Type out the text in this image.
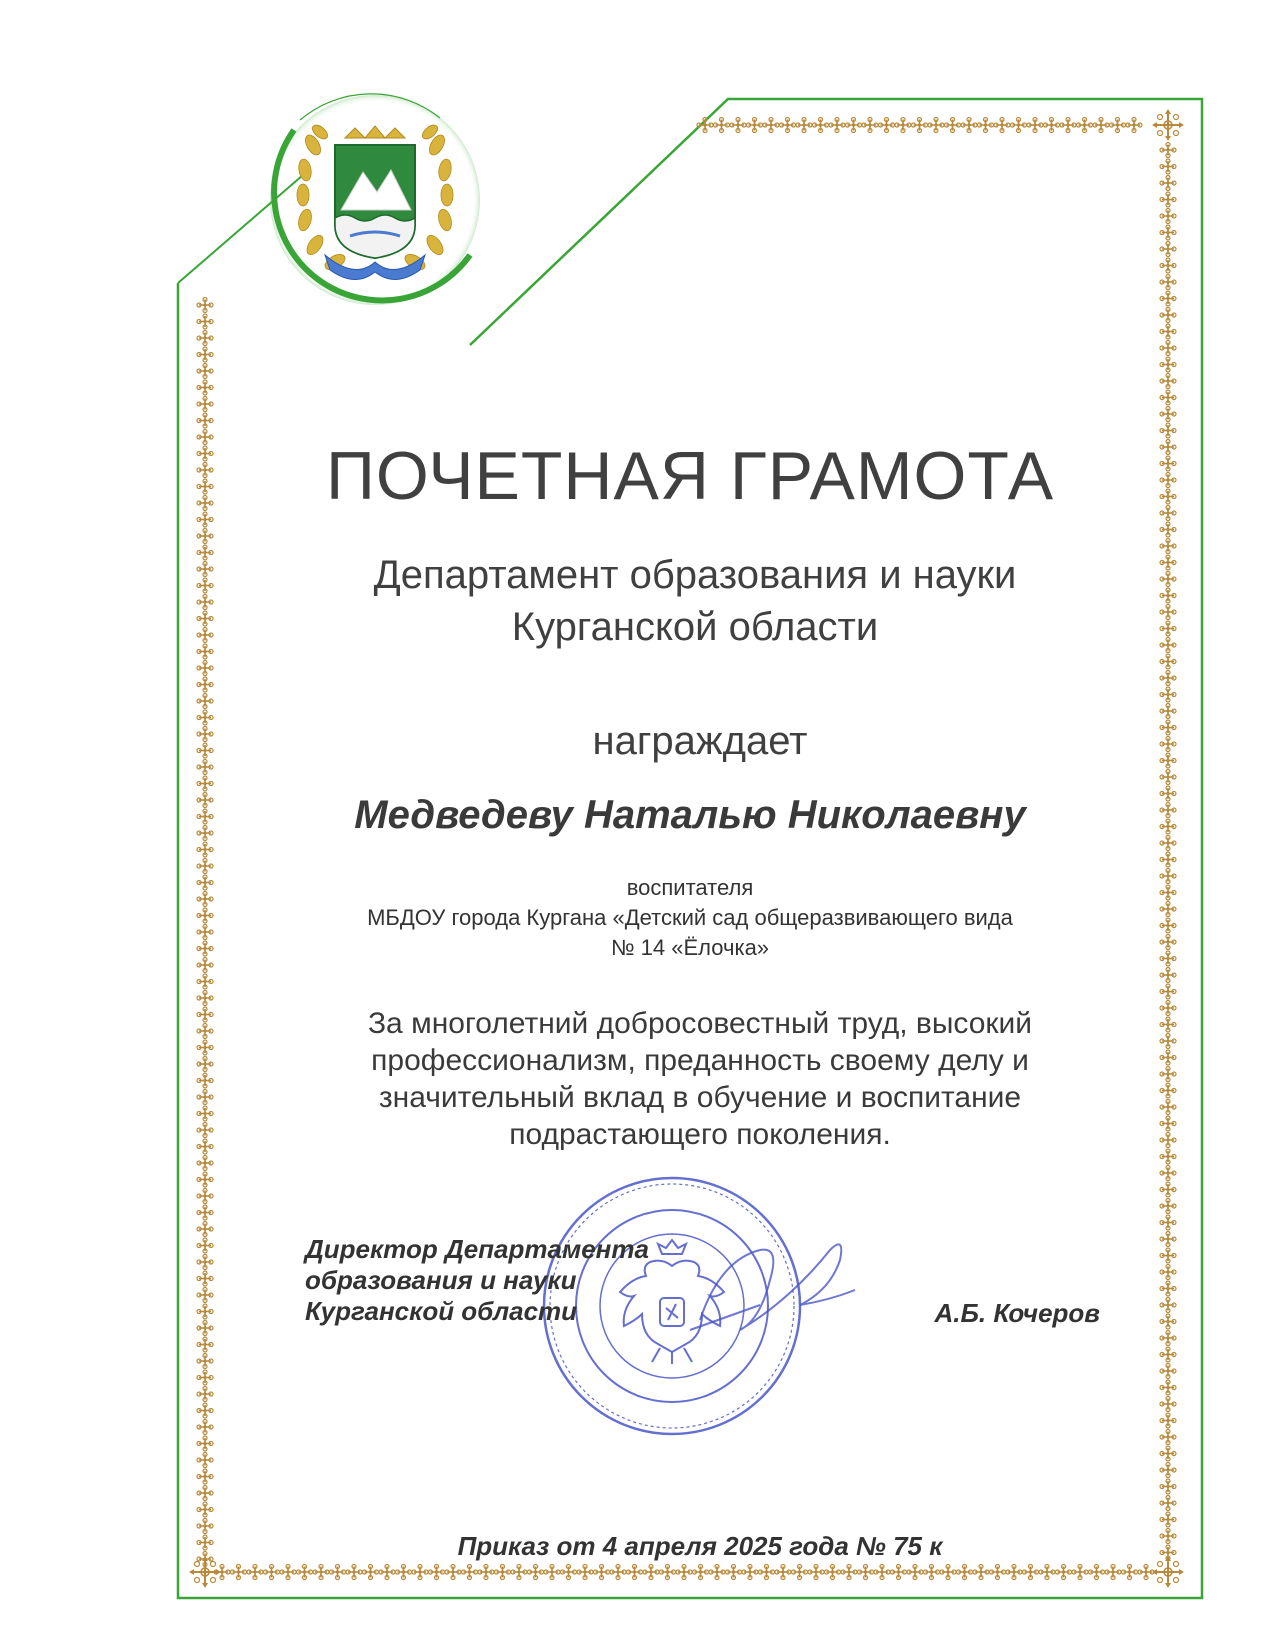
ПОЧЕТНАЯ ГРАМОТА
Департамент образования и науки
Курганской области
награждает
Медведеву Наталью Николаевну
воспитателя
МБДОУ города Кургана «Детский сад общеразвивающего вида
№ 14 «Ёлочка»
За многолетний добросовестный труд, высокий
профессионализм, преданность своему делу и
значительный вклад в обучение и воспитание
подрастающего поколения.
Директор Департамента
образования и науки
Курганской области	А.Б. Кочеров
Приказ от 4 апреля 2025 года № 75 к
